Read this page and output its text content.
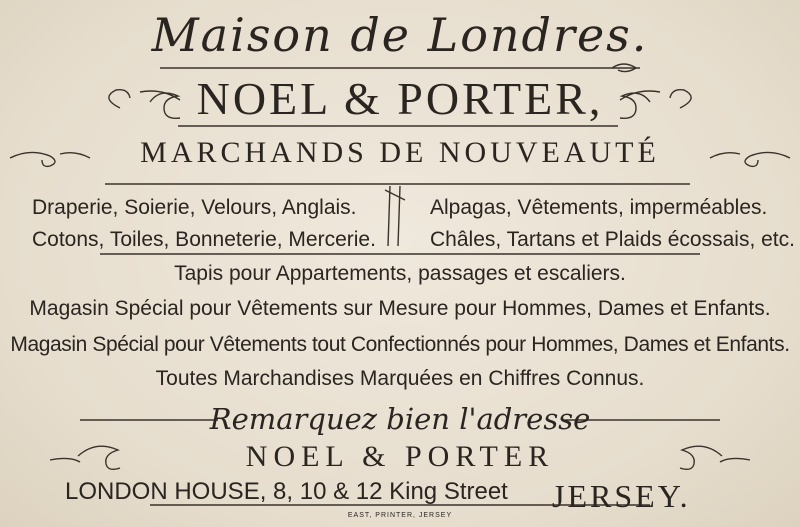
Maison de Londres.
NOEL & PORTER,
MARCHANDS DE NOUVEAUTÉ
Draperie, Soierie, Velours, Anglais.
Cotons, Toiles, Bonneterie, Mercerie.
Alpagas, Vêtements, imperméables.
Châles, Tartans et Plaids écossais, etc.
Tapis pour Appartements, passages et escaliers.
Magasin Spécial pour Vêtements sur Mesure pour Hommes, Dames et Enfants.
Magasin Spécial pour Vêtements tout Confectionnés pour Hommes, Dames et Enfants.
Toutes Marchandises Marquées en Chiffres Connus.
Remarquez bien l'adresse
NOEL & PORTER
LONDON HOUSE, 8, 10 & 12 King Street JERSEY.
EAST, PRINTER, JERSEY
